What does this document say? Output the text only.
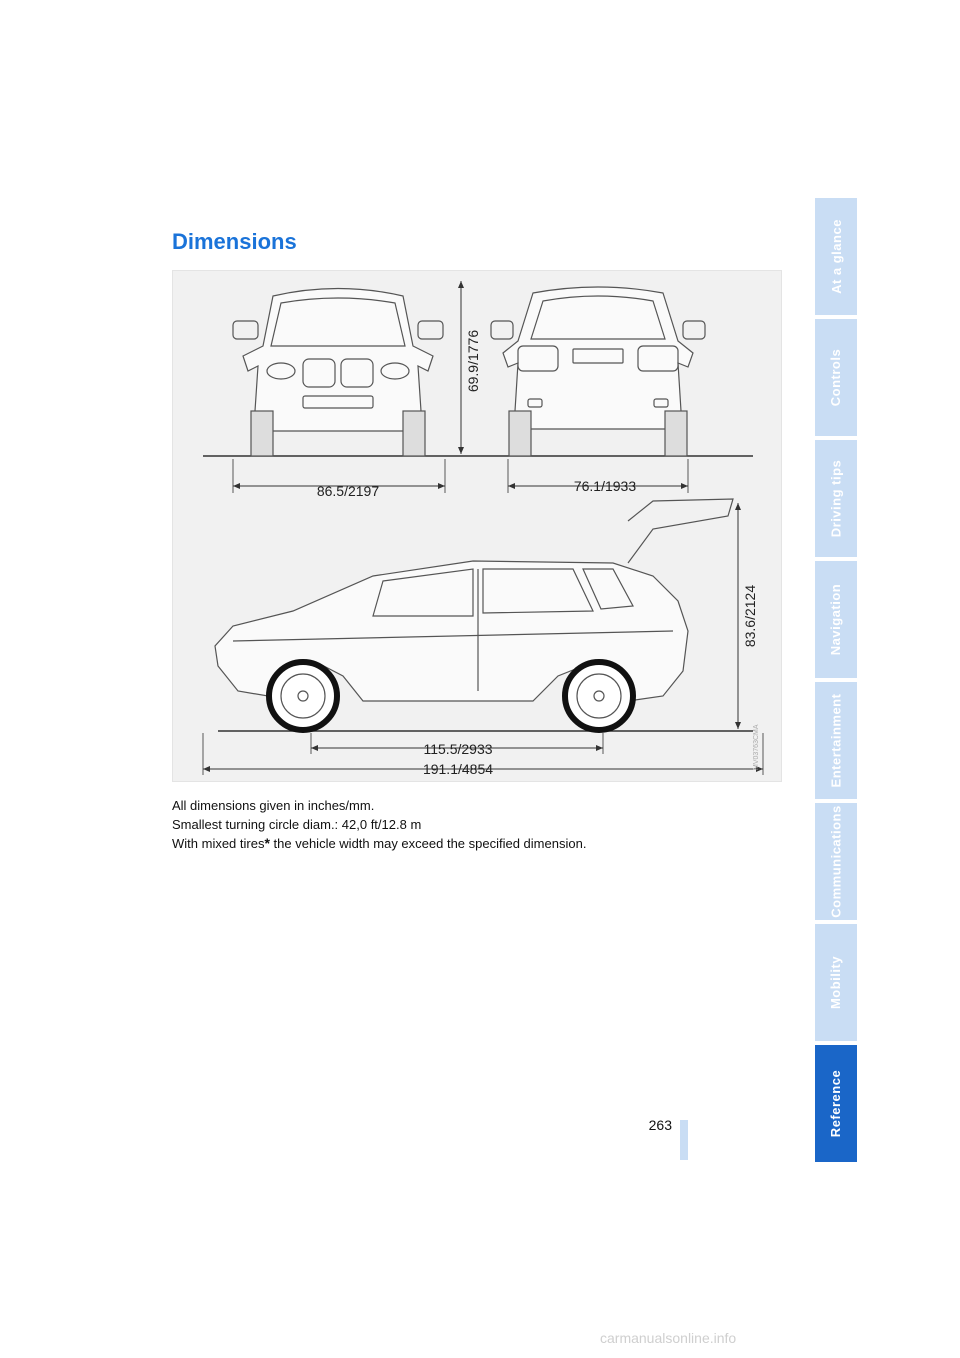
At a glance
Controls
Driving tips
Navigation
Entertainment
Communications
Mobility
Reference
Dimensions
69.9/1776
86.5/2197	76.1/1933
83.6/2124
115.5/2933
191.1/4854

All dimensions given in inches/mm.

Smallest turning circle diam.: 42,0 ft/12.8 m

With mixed tires* the vehicle width may exceed the specified dimension.

263
carmanualsonline.info
